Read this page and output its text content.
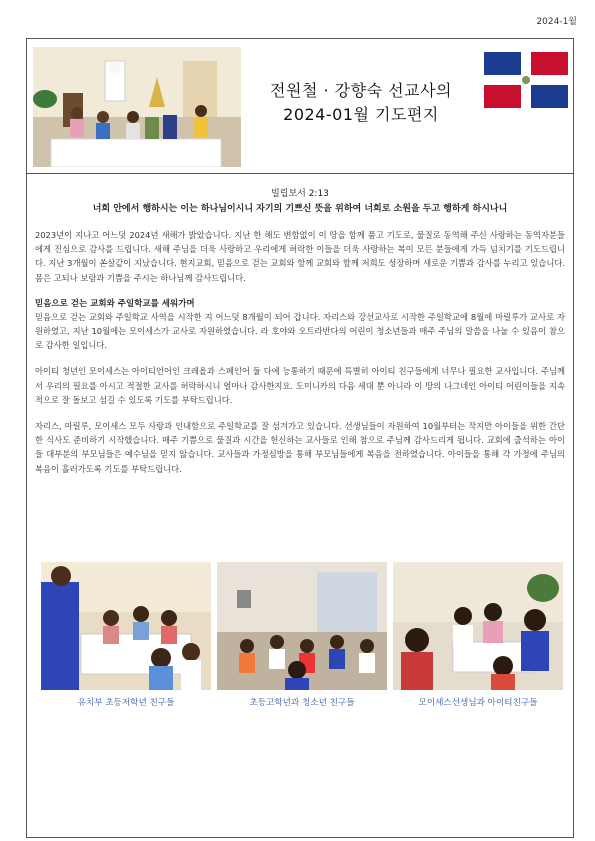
2024-1월
전원철 · 강향숙 선교사의
2024-01월 기도편지
빌립보서 2:13
너희 안에서 행하시는 이는 하나님이시니 자기의 기쁘신 뜻을 위하여 너희로 소원을 두고 행하게 하시나니

2023년이 지나고 어느덧 2024년 새해가 밝았습니다. 지난 한 해도 변함없이 이 땅을 함께 품고 기도로, 물질로 동역해 주신 사랑하는 동역자분들에게 진심으로 감사를 드립니다. 새해 주님을 더욱 사랑하고 우리에게 허락한 이들을 더욱 사랑하는 복이 모든 분들에게 가득 넘치기를 기도드립니다. 지난 3개월이 쏜살같이 지났습니다. 현지교회, 믿음으로 걷는 교회와 함께 교회와 함께 저희도 성장하며 새로운 기쁨과 감사를 누리고 있습니다. 몸은 고되나 보람과 기쁨을 주시는 하나님께 감사드립니다.

믿음으로 걷는 교회와 주일학교를 세워가며

믿음으로 걷는 교회와 주일학교 사역을 시작한 지 어느덧 8개월이 되어 갑니다. 자리스와 강선교사로 시작한 주일학교에 8월에 마릴루가 교사로 자원하였고, 지난 10월에는 모이세스가 교사로 자원하였습니다. 라 호야와 오트라반다의 어린이 청소년들과 매주 주님의 말씀을 나눌 수 있음이 참으로 감사한 일입니다.

아이티 청년인 모이세스는 아이티언어인 크레올과 스페인어 둘 다에 능통하기 때문에 특별히 아이티 친구들에게 너무나 필요한 교사입니다. 주님께서 우리의 필요를 아시고 적절한 교사를 허락하시니 얼마나 감사한지요. 도미니카의 다음 세대 뿐 아니라 이 땅의 나그네인 아이티 어린이들을 지속적으로 잘 돌보고 섬길 수 있도록 기도를 부탁드립니다.

자리스, 마릴루, 모이세스 모두 사랑과 인내함으로 주일학교를 잘 섬겨가고 있습니다. 선생님들이 자원하여 10월부터는 작지만 아이들을 위한 간단한 식사도 준비하기 시작했습니다. 매주 기쁨으로 물질과 시간을 헌신하는 교사들로 인해 참으로 주님께 감사드리게 됩니다. 교회에 출석하는 아이들 대부분의 부모님들은 예수님을 믿지 않습니다. 교사들과 가정심방을 통해 부모님들에게 복음을 전하였습니다. 아이들을 통해 각 가정에 주님의 복음이 흘러가도록 기도를 부탁드립니다.

유치부 초등저학년 친구들	초등고학년과 청소년 친구들	모이세스선생님과 아이티친구들
